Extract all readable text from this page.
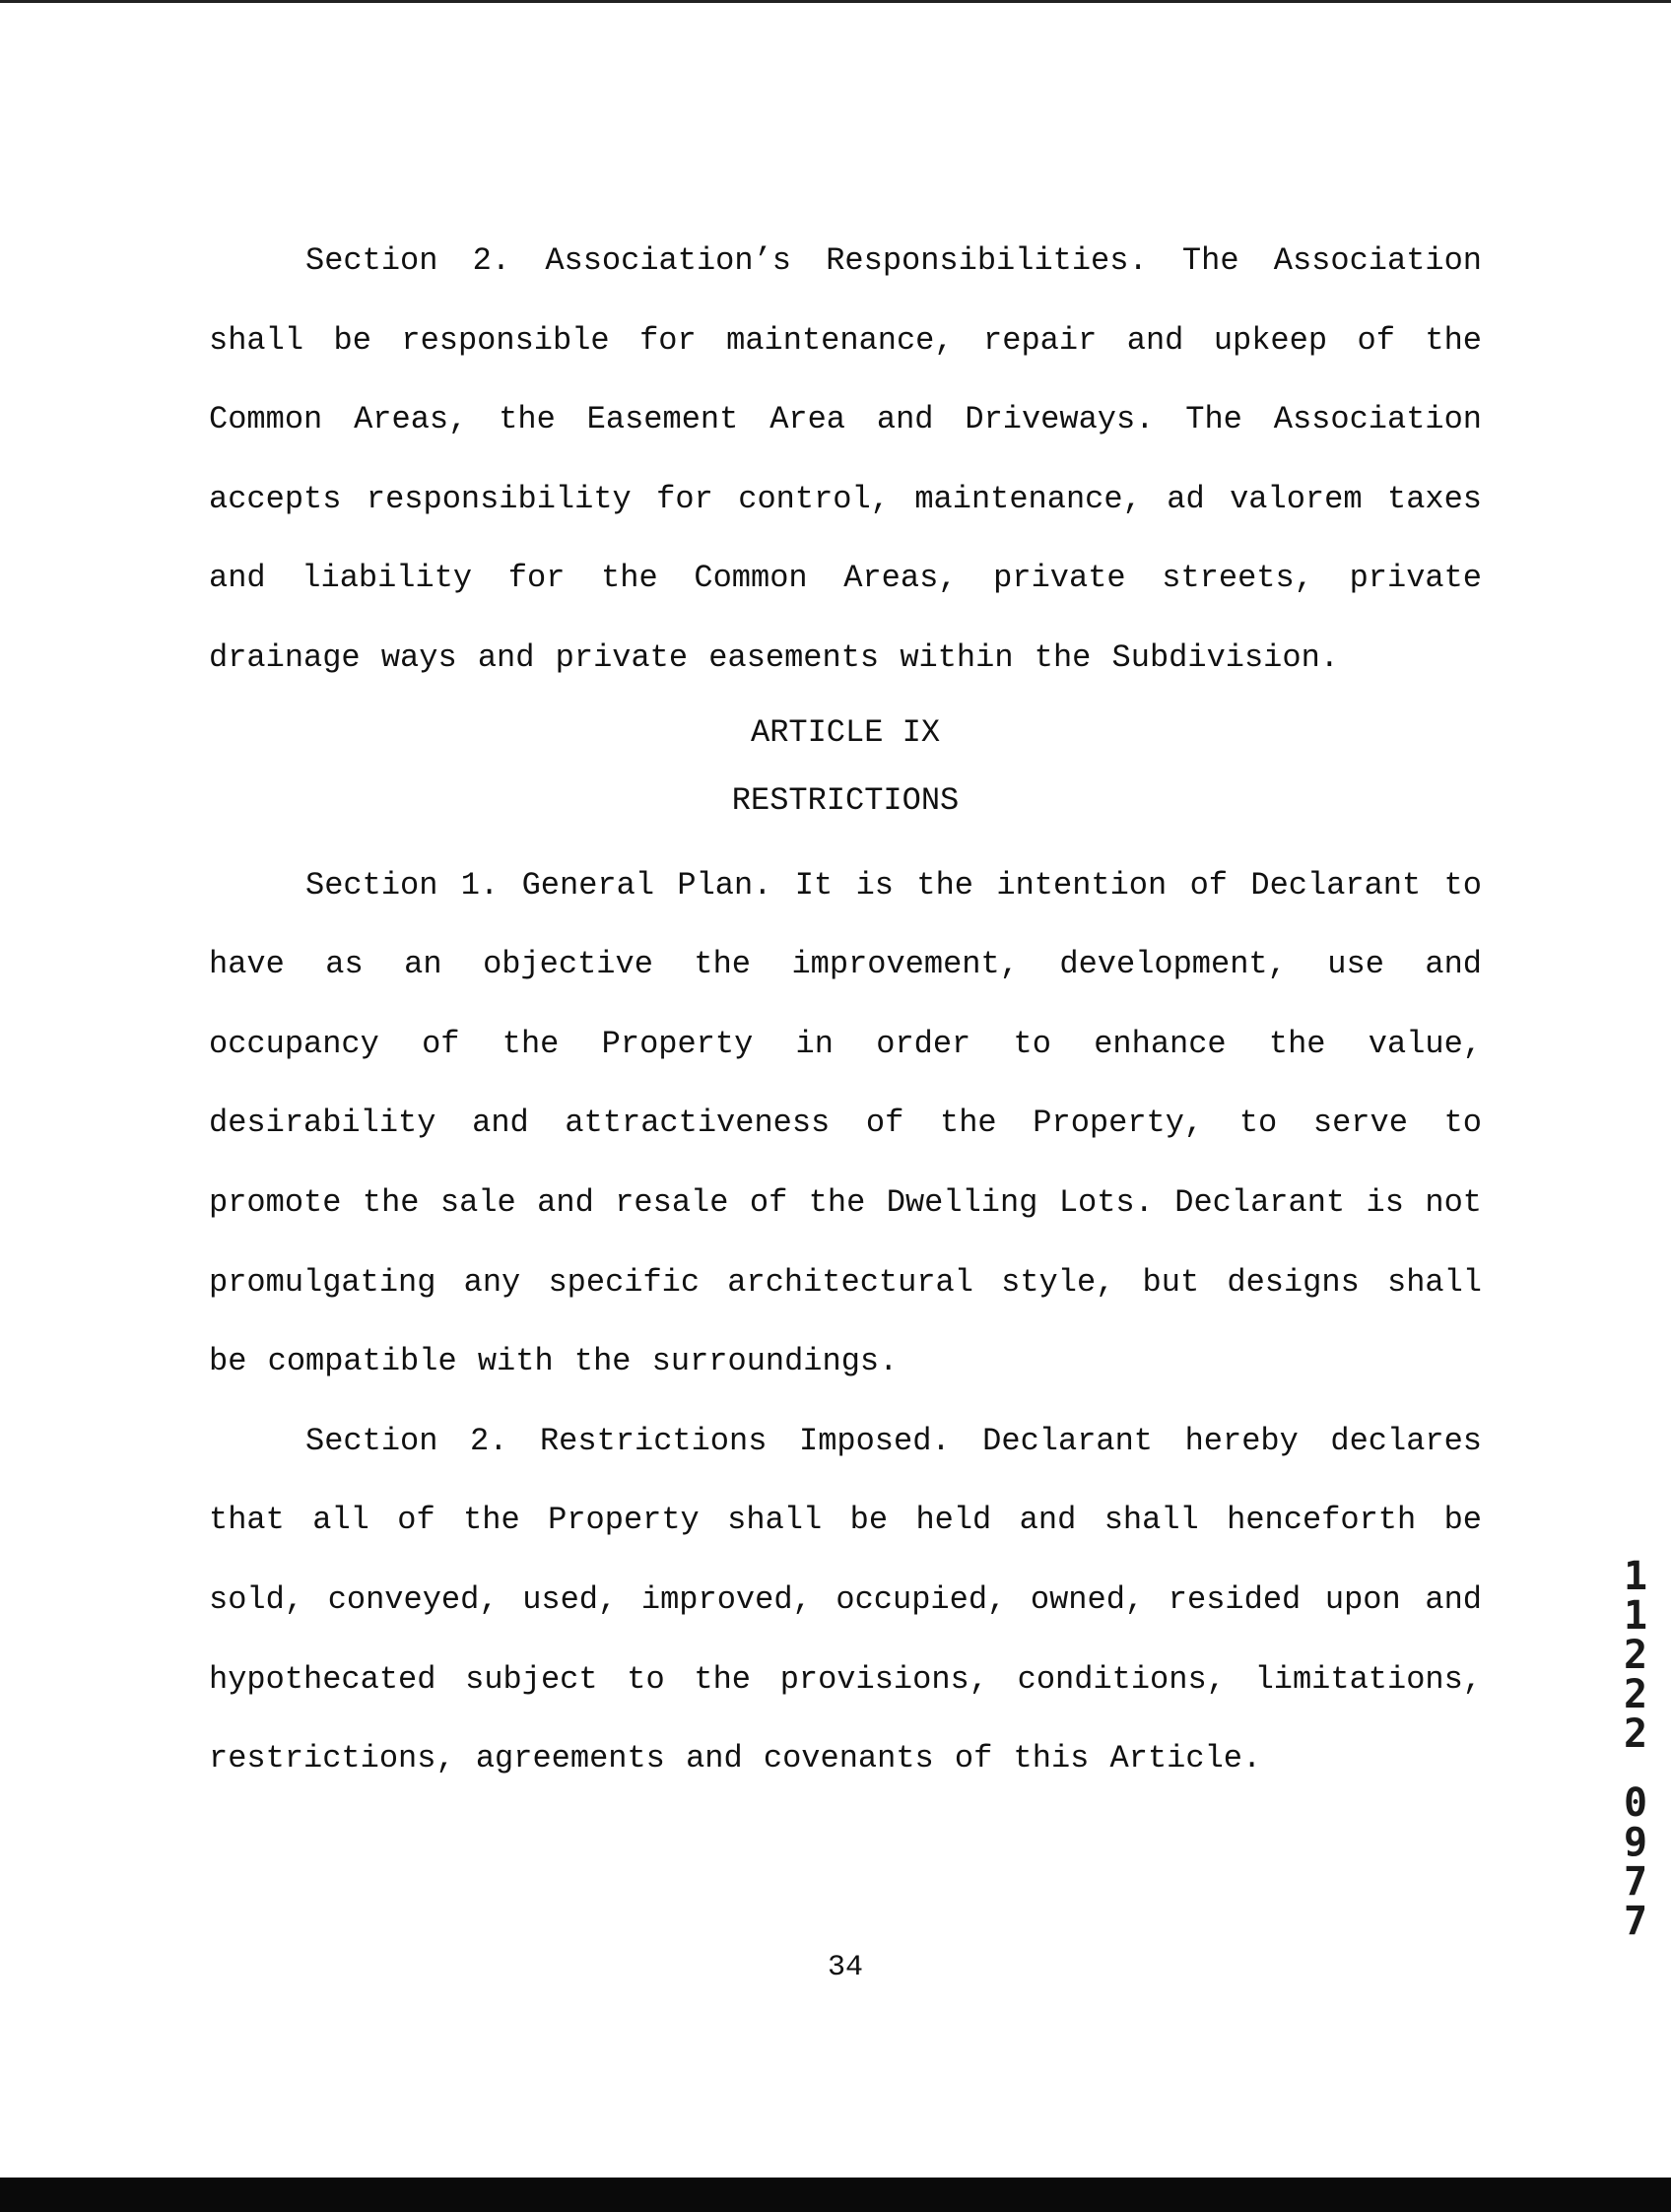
Section 2. Association’s Responsibilities. The Association shall be responsible for maintenance, repair and upkeep of the Common Areas, the Easement Area and Driveways. The Association accepts responsibility for control, maintenance, ad valorem taxes and liability for the Common Areas, private streets, private drainage ways and private easements within the Subdivision.

ARTICLE IX

RESTRICTIONS

Section 1. General Plan. It is the intention of Declarant to have as an objective the improvement, development, use and occupancy of the Property in order to enhance the value, desirability and attractiveness of the Property, to serve to promote the sale and resale of the Dwelling Lots. Declarant is not promulgating any specific architectural style, but designs shall be compatible with the surroundings.

Section 2. Restrictions Imposed. Declarant hereby declares that all of the Property shall be held and shall henceforth be sold, conveyed, used, improved, occupied, owned, resided upon and hypothecated subject to the provisions, conditions, limitations, restrictions, agreements and covenants of this Article.

34
1
1
2
2
2
0
9
7
7
